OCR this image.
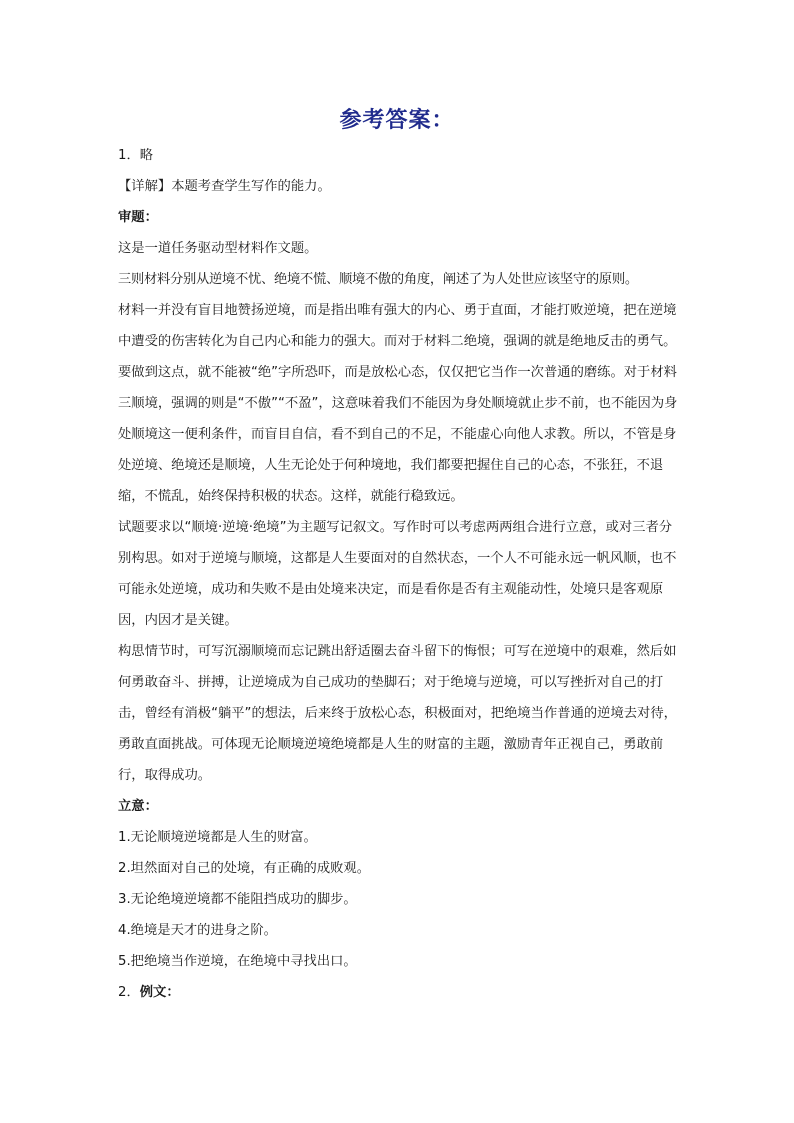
参考答案：

1．略

【详解】本题考查学生写作的能力。

审题：

这是一道任务驱动型材料作文题。

三则材料分别从逆境不忧、绝境不慌、顺境不傲的角度，阐述了为人处世应该坚守的原则。

材料一并没有盲目地赞扬逆境，而是指出唯有强大的内心、勇于直面，才能打败逆境，把在逆境中遭受的伤害转化为自己内心和能力的强大。而对于材料二绝境，强调的就是绝地反击的勇气。要做到这点，就不能被“绝”字所恐吓，而是放松心态，仅仅把它当作一次普通的磨练。对于材料三顺境，强调的则是“不傲”“不盈”，这意味着我们不能因为身处顺境就止步不前，也不能因为身处顺境这一便利条件，而盲目自信，看不到自己的不足，不能虚心向他人求教。所以，不管是身处逆境、绝境还是顺境，人生无论处于何种境地，我们都要把握住自己的心态，不张狂，不退缩，不慌乱，始终保持积极的状态。这样，就能行稳致远。

试题要求以“顺境·逆境·绝境”为主题写记叙文。写作时可以考虑两两组合进行立意，或对三者分别构思。如对于逆境与顺境，这都是人生要面对的自然状态，一个人不可能永远一帆风顺，也不可能永处逆境，成功和失败不是由处境来决定，而是看你是否有主观能动性，处境只是客观原因，内因才是关键。

构思情节时，可写沉溺顺境而忘记跳出舒适圈去奋斗留下的悔恨；可写在逆境中的艰难，然后如何勇敢奋斗、拼搏，让逆境成为自己成功的垫脚石；对于绝境与逆境，可以写挫折对自己的打击，曾经有消极“躺平”的想法，后来终于放松心态，积极面对，把绝境当作普通的逆境去对待，勇敢直面挑战。可体现无论顺境逆境绝境都是人生的财富的主题，激励青年正视自己，勇敢前行，取得成功。

立意：

1.无论顺境逆境都是人生的财富。

2.坦然面对自己的处境，有正确的成败观。

3.无论绝境逆境都不能阻挡成功的脚步。

4.绝境是天才的进身之阶。

5.把绝境当作逆境，在绝境中寻找出口。

2．例文：
